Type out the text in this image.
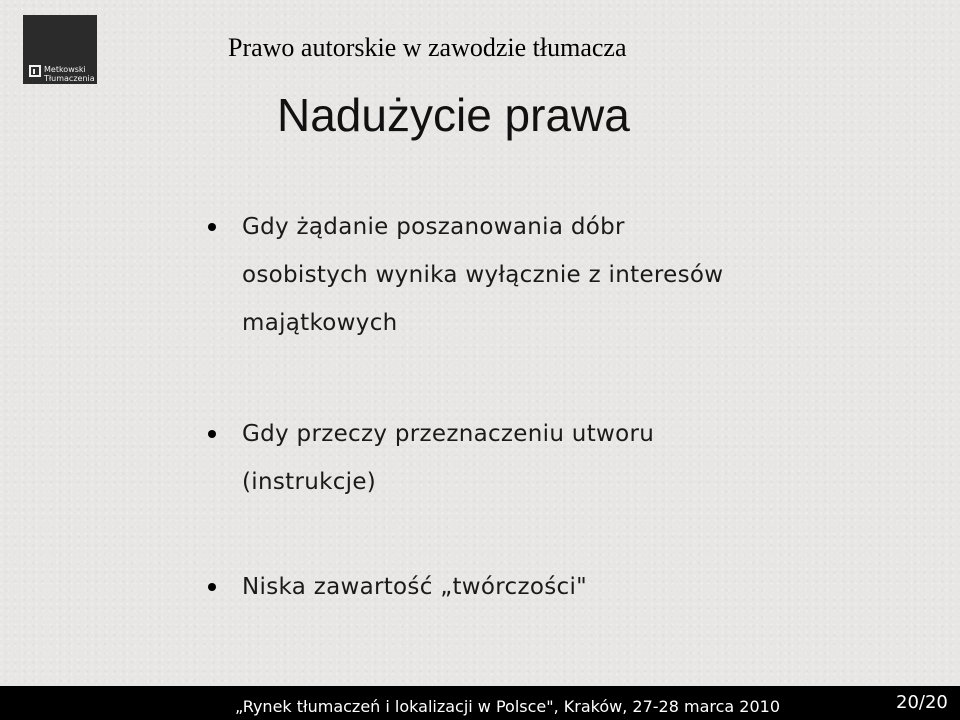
Metkowski
Tłumaczenia
Prawo autorskie w zawodzie tłumacza
Nadużycie prawa
Gdy żądanie poszanowania dóbr
osobistych wynika wyłącznie z interesów
majątkowych
Gdy przeczy przeznaczeniu utworu
(instrukcje)
Niska zawartość „twórczości"
„Rynek tłumaczeń i lokalizacji w Polsce", Kraków, 27-28 marca 2010	20/20
